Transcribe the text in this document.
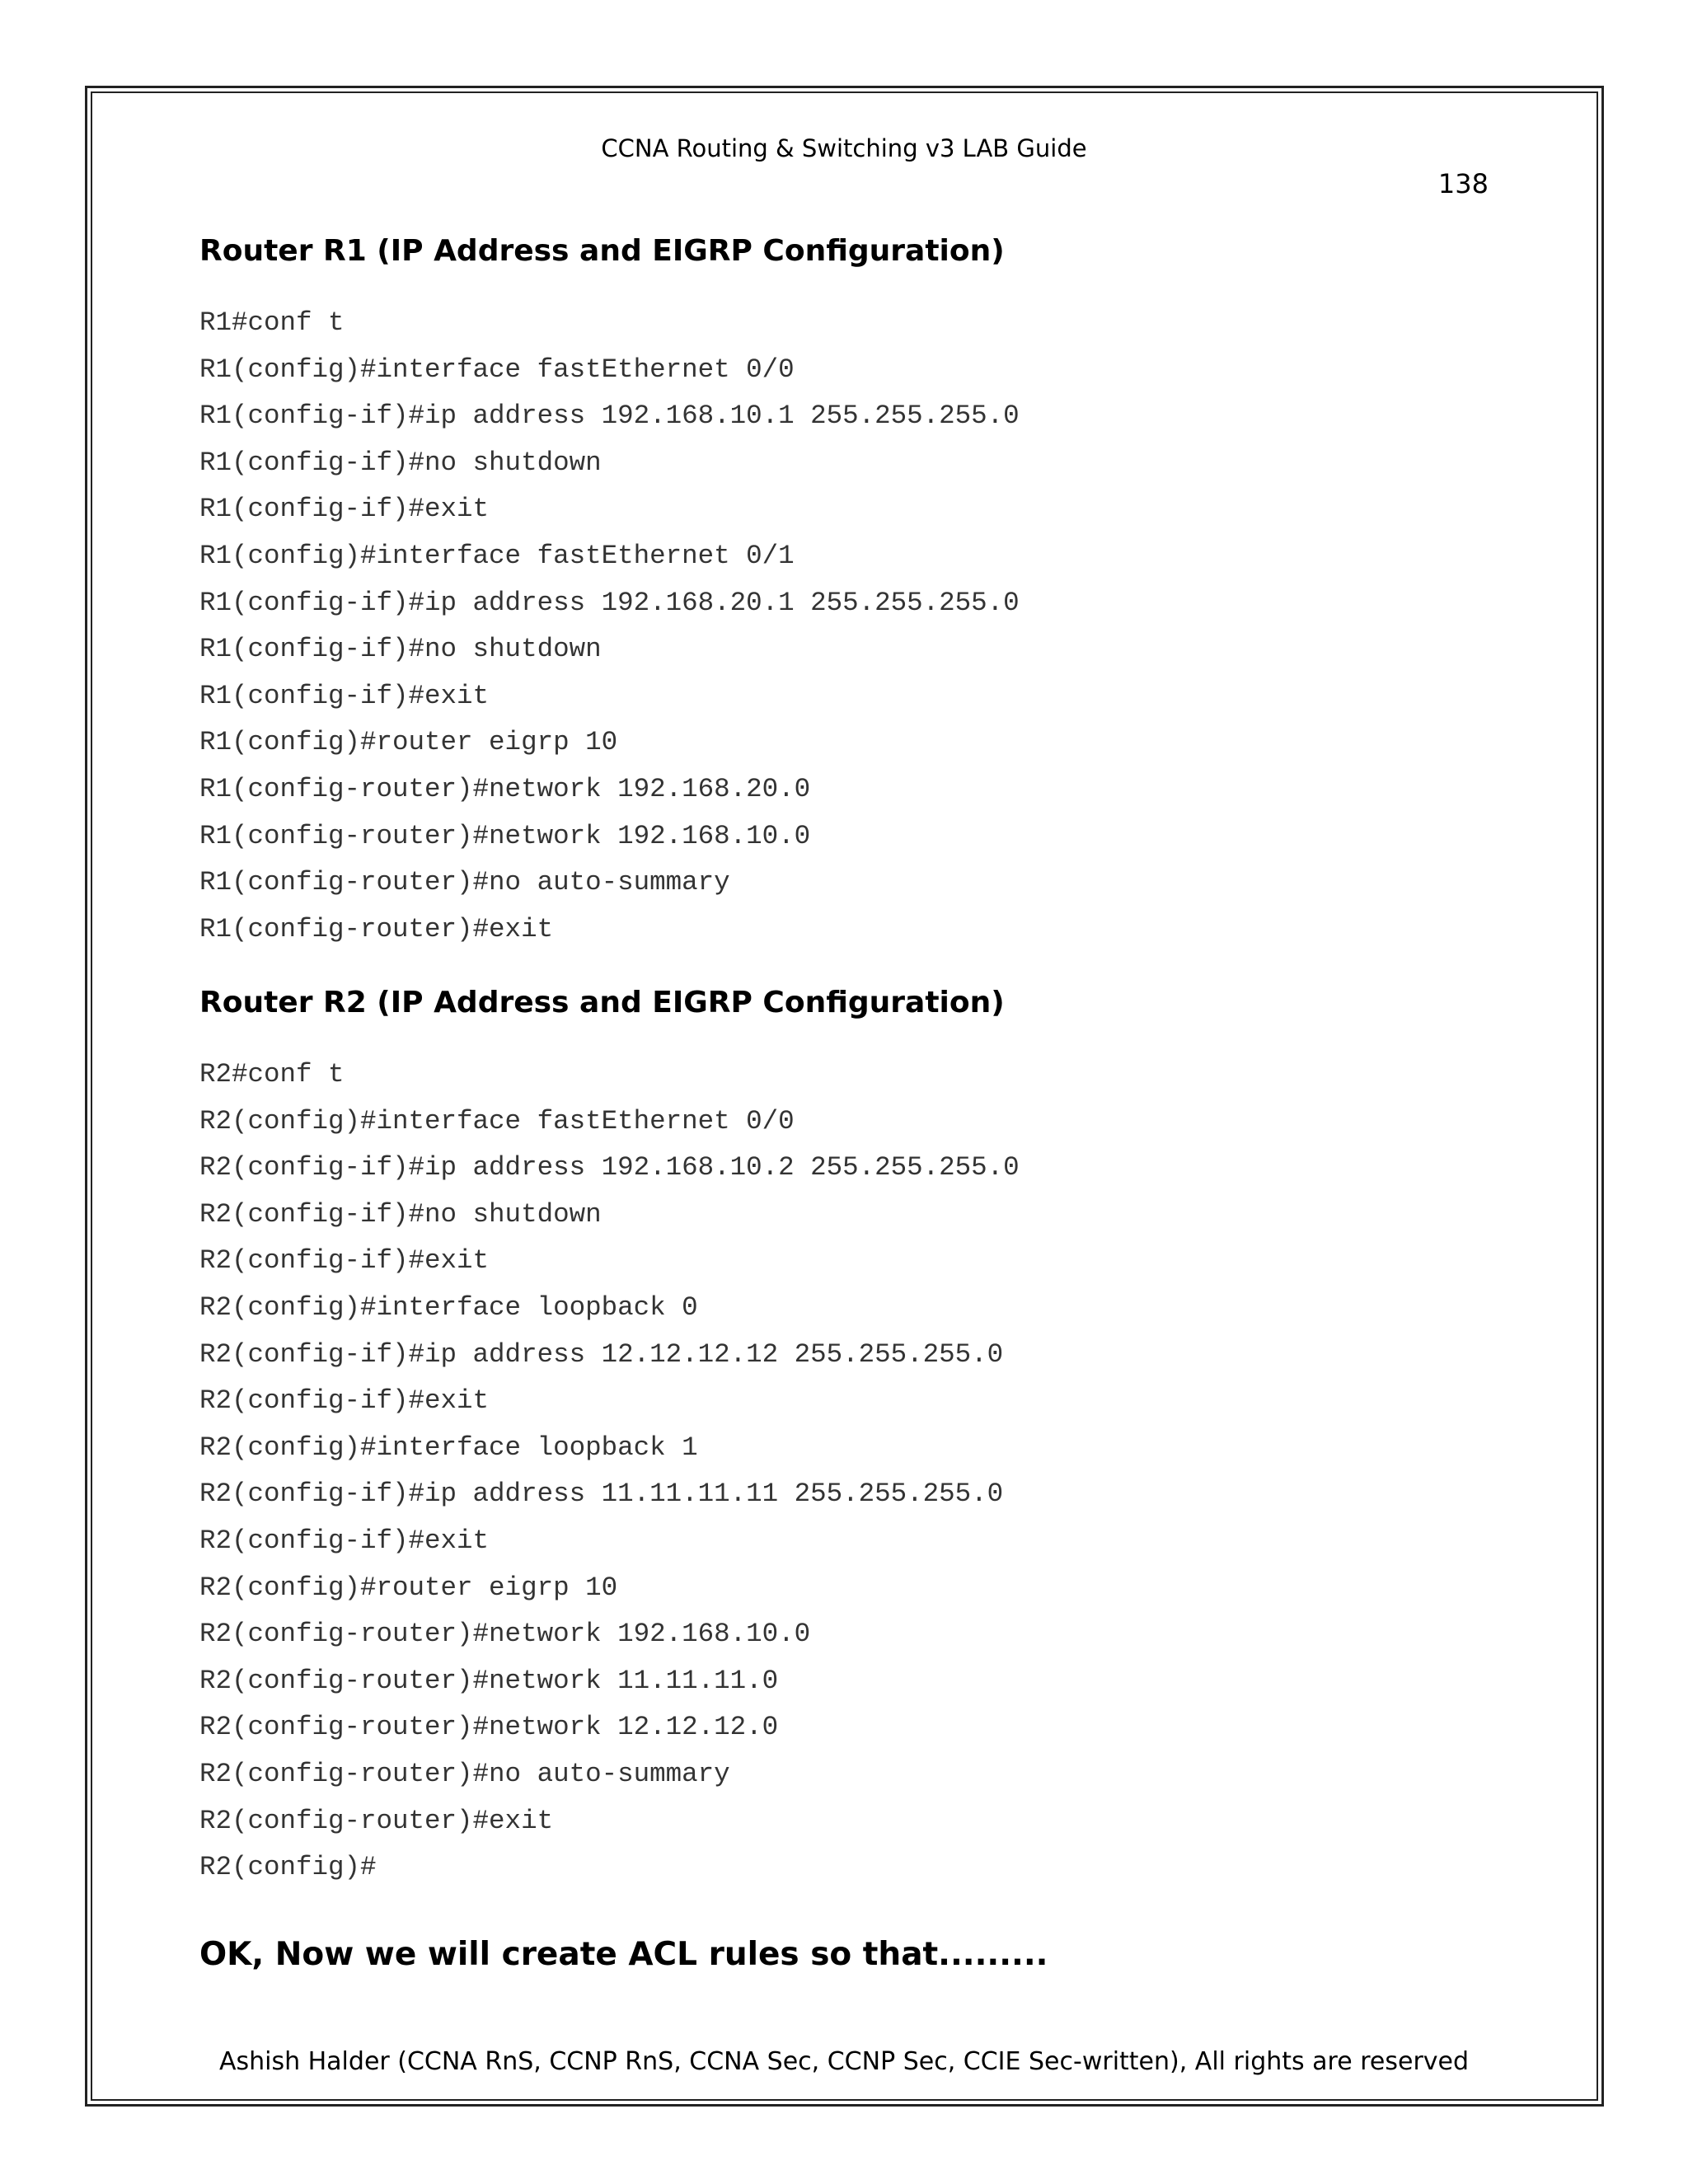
CCNA Routing & Switching v3 LAB Guide
138
Router R1 (IP Address and EIGRP Configuration)
R1#conf t
R1(config)#interface fastEthernet 0/0
R1(config-if)#ip address 192.168.10.1 255.255.255.0
R1(config-if)#no shutdown
R1(config-if)#exit
R1(config)#interface fastEthernet 0/1
R1(config-if)#ip address 192.168.20.1 255.255.255.0
R1(config-if)#no shutdown
R1(config-if)#exit
R1(config)#router eigrp 10
R1(config-router)#network 192.168.20.0
R1(config-router)#network 192.168.10.0
R1(config-router)#no auto-summary
R1(config-router)#exit
Router R2 (IP Address and EIGRP Configuration)
R2#conf t
R2(config)#interface fastEthernet 0/0
R2(config-if)#ip address 192.168.10.2 255.255.255.0
R2(config-if)#no shutdown
R2(config-if)#exit
R2(config)#interface loopback 0
R2(config-if)#ip address 12.12.12.12 255.255.255.0
R2(config-if)#exit
R2(config)#interface loopback 1
R2(config-if)#ip address 11.11.11.11 255.255.255.0
R2(config-if)#exit
R2(config)#router eigrp 10
R2(config-router)#network 192.168.10.0
R2(config-router)#network 11.11.11.0
R2(config-router)#network 12.12.12.0
R2(config-router)#no auto-summary
R2(config-router)#exit
R2(config)#
OK, Now we will create ACL rules so that.........
Ashish Halder (CCNA RnS, CCNP RnS, CCNA Sec, CCNP Sec, CCIE Sec-written), All rights are reserved
